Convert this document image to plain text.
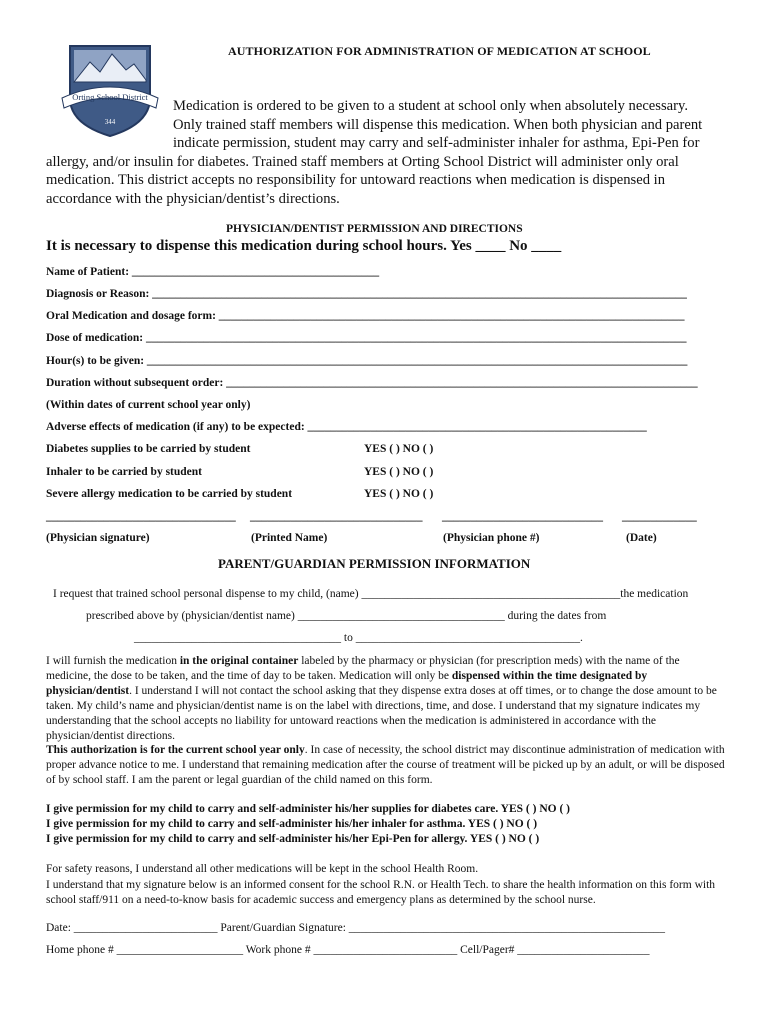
Orting School District
344
AUTHORIZATION FOR ADMINISTRATION OF MEDICATION AT SCHOOL
Medication is ordered to be given to a student at school only when absolutely necessary.
Only trained staff members will dispense this medication. When both physician and parent
indicate permission, student may carry and self-administer inhaler for asthma, Epi-Pen for
allergy, and/or insulin for diabetes. Trained staff members at Orting School District will administer only oral
medication. This district accepts no responsibility for untoward reactions when medication is dispensed in
accordance with the physician/dentist’s directions.
PHYSICIAN/DENTIST PERMISSION AND DIRECTIONS
It is necessary to dispense this medication during school hours. Yes ____ No ____
Name of Patient: ___________________________________________
Diagnosis or Reason: _____________________________________________________________________________________________
Oral Medication and dosage form: _________________________________________________________________________________
Dose of medication: ______________________________________________________________________________________________
Hour(s) to be given: ______________________________________________________________________________________________
Duration without subsequent order: __________________________________________________________________________________
(Within dates of current school year only)
Adverse effects of medication (if any) to be expected: ___________________________________________________________
Diabetes supplies to be carried by student	YES ( ) NO ( )
Inhaler to be carried by student	YES ( ) NO ( )
Severe allergy medication to be carried by student	YES ( ) NO ( )
_________________________________ ______________________________ ____________________________ _____________
(Physician signature)	(Printed Name)	(Physician phone #)	(Date)
PARENT/GUARDIAN PERMISSION INFORMATION
I request that trained school personal dispense to my child, (name) _____________________________________________the medication
prescribed above by (physician/dentist name) ____________________________________ during the dates from
____________________________________ to _______________________________________.
I will furnish the medication in the original container labeled by the pharmacy or physician (for prescription meds) with the name of the medicine, the dose to be taken, and the time of day to be taken. Medication will only be dispensed within the time designated by physician/dentist. I understand I will not contact the school asking that they dispense extra doses at off times, or to change the dose amount to be taken. My child’s name and physician/dentist name is on the label with directions, time, and dose. I understand that my signature indicates my understanding that the school accepts no liability for untoward reactions when the medication is administered in accordance with the physician/dentist directions.
This authorization is for the current school year only. In case of necessity, the school district may discontinue administration of medication with proper advance notice to me. I understand that remaining medication after the course of treatment will be picked up by an adult, or will be disposed of by school staff. I am the parent or legal guardian of the child named on this form.
I give permission for my child to carry and self-administer his/her supplies for diabetes care. YES ( ) NO ( )
I give permission for my child to carry and self-administer his/her inhaler for asthma. YES ( ) NO ( )
I give permission for my child to carry and self-administer his/her Epi-Pen for allergy. YES ( ) NO ( )
For safety reasons, I understand all other medications will be kept in the school Health Room.
I understand that my signature below is an informed consent for the school R.N. or Health Tech. to share the health information on this form with school staff/911 on a need-to-know basis for academic success and emergency plans as determined by the school nurse.
Date: _________________________ Parent/Guardian Signature: _______________________________________________________
Home phone # ______________________ Work phone # _________________________ Cell/Pager# _______________________
